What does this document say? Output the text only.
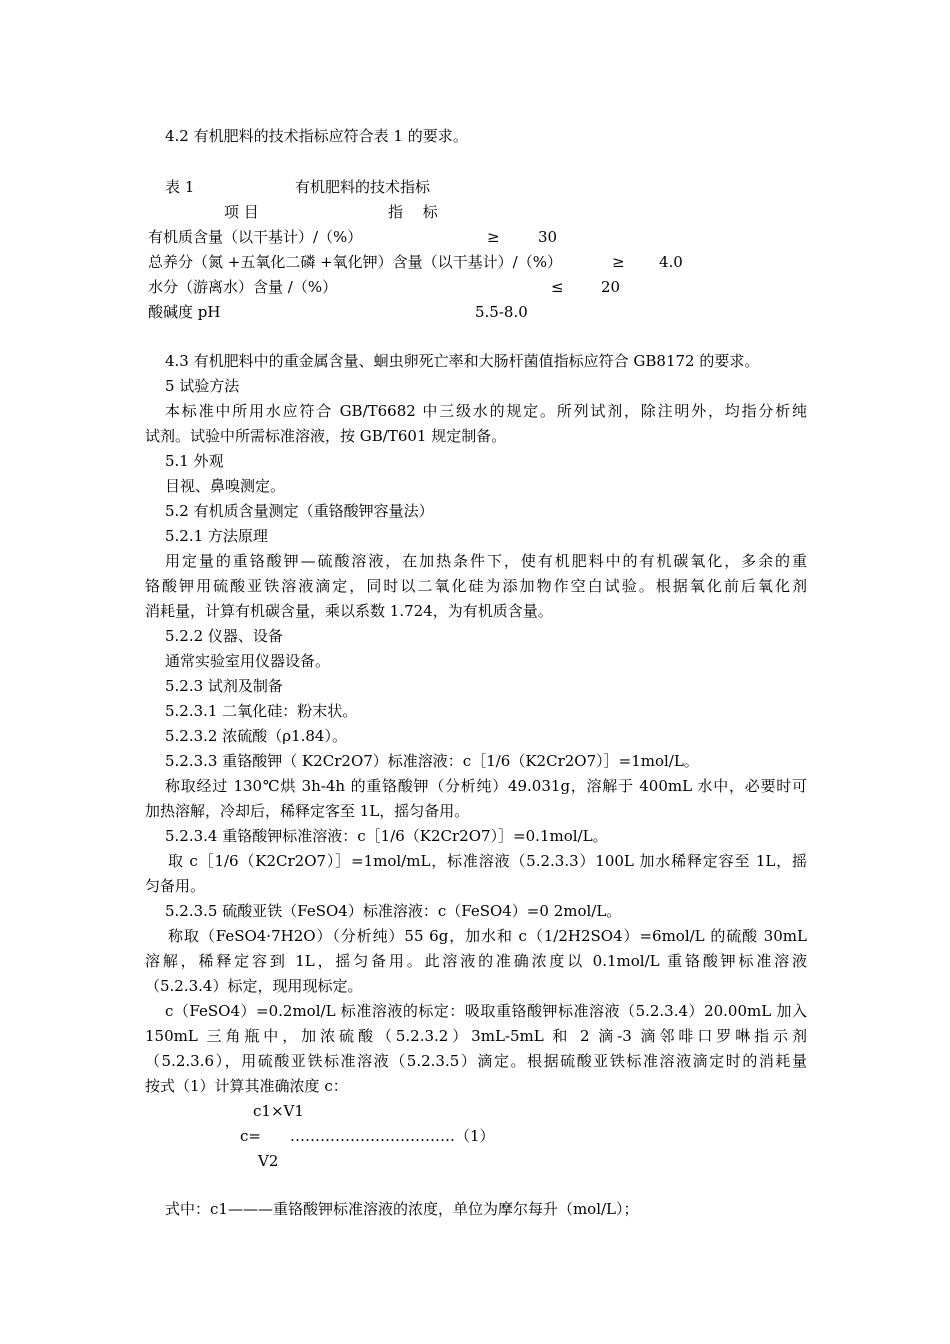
4.2 有机肥料的技术指标应符合表 1 的要求。
表 1	有机肥料的技术指标
项 目	指　 标
有机质含量（以干基计）/（%）	≥	30
总养分（氮 +五氧化二磷 +氧化钾）含量（以干基计）/（%）	≥ 4.0
水分（游离水）含量 /（%）	≤ 20
酸碱度 pH	5.5-8.0
4.3 有机肥料中的重金属含量、蛔虫卵死亡率和大肠杆菌值指标应符合 GB8172 的要求。
5 试验方法
本标准中所用水应符合 GB/T6682 中三级水的规定。所列试剂，除注明外，均指分析纯
试剂。试验中所需标准溶液，按 GB/T601 规定制备。
5.1 外观
目视、鼻嗅测定。
5.2 有机质含量测定（重铬酸钾容量法）
5.2.1 方法原理
用定量的重铬酸钾—硫酸溶液，在加热条件下，使有机肥料中的有机碳氧化，多余的重
铬酸钾用硫酸亚铁溶液滴定，同时以二氧化硅为添加物作空白试验。根据氧化前后氧化剂
消耗量，计算有机碳含量，乘以系数 1.724，为有机质含量。
5.2.2 仪器、设备
通常实验室用仪器设备。
5.2.3 试剂及制备
5.2.3.1 二氧化硅：粉末状。
5.2.3.2 浓硫酸（ρ1.84）。
5.2.3.3 重铬酸钾（ K2Cr2O7）标准溶液：c［1/6（K2Cr2O7）］=1mol/L。
称取经过 130℃烘 3h-4h 的重铬酸钾（分析纯）49.031g，溶解于 400mL 水中，必要时可
加热溶解，冷却后，稀释定客至 1L，摇匀备用。
5.2.3.4 重铬酸钾标准溶液：c［1/6（K2Cr2O7）］=0.1mol/L。
取 c［1/6（K2Cr2O7）］=1mol/mL，标准溶液（5.2.3.3）100L 加水稀释定容至 1L，摇
匀备用。
5.2.3.5 硫酸亚铁（FeSO4）标准溶液：c（FeSO4）=0 2mol/L。
称取（FeSO4·7H2O）（分析纯）55 6g，加水和 c（1/2H2SO4）=6mol/L 的硫酸 30mL
溶解，稀释定容到 1L，摇匀备用。此溶液的准确浓度以 0.1mol/L 重铬酸钾标准溶液
（5.2.3.4）标定，现用现标定。
c（FeSO4）=0.2mol/L 标准溶液的标定：吸取重铬酸钾标准溶液（5.2.3.4）20.00mL 加入
150mL 三角瓶中，加浓硫酸（5.2.3.2）3mL-5mL 和 2 滴-3 滴邻啡口罗啉指示剂
（5.2.3.6），用硫酸亚铁标准溶液（5.2.3.5）滴定。根据硫酸亚铁标准溶液滴定时的消耗量
按式（1）计算其准确浓度 c：
c1×V1
c= ……………………………（1）
V2
式中：c1———重铬酸钾标准溶液的浓度，单位为摩尔每升（mol/L）；
